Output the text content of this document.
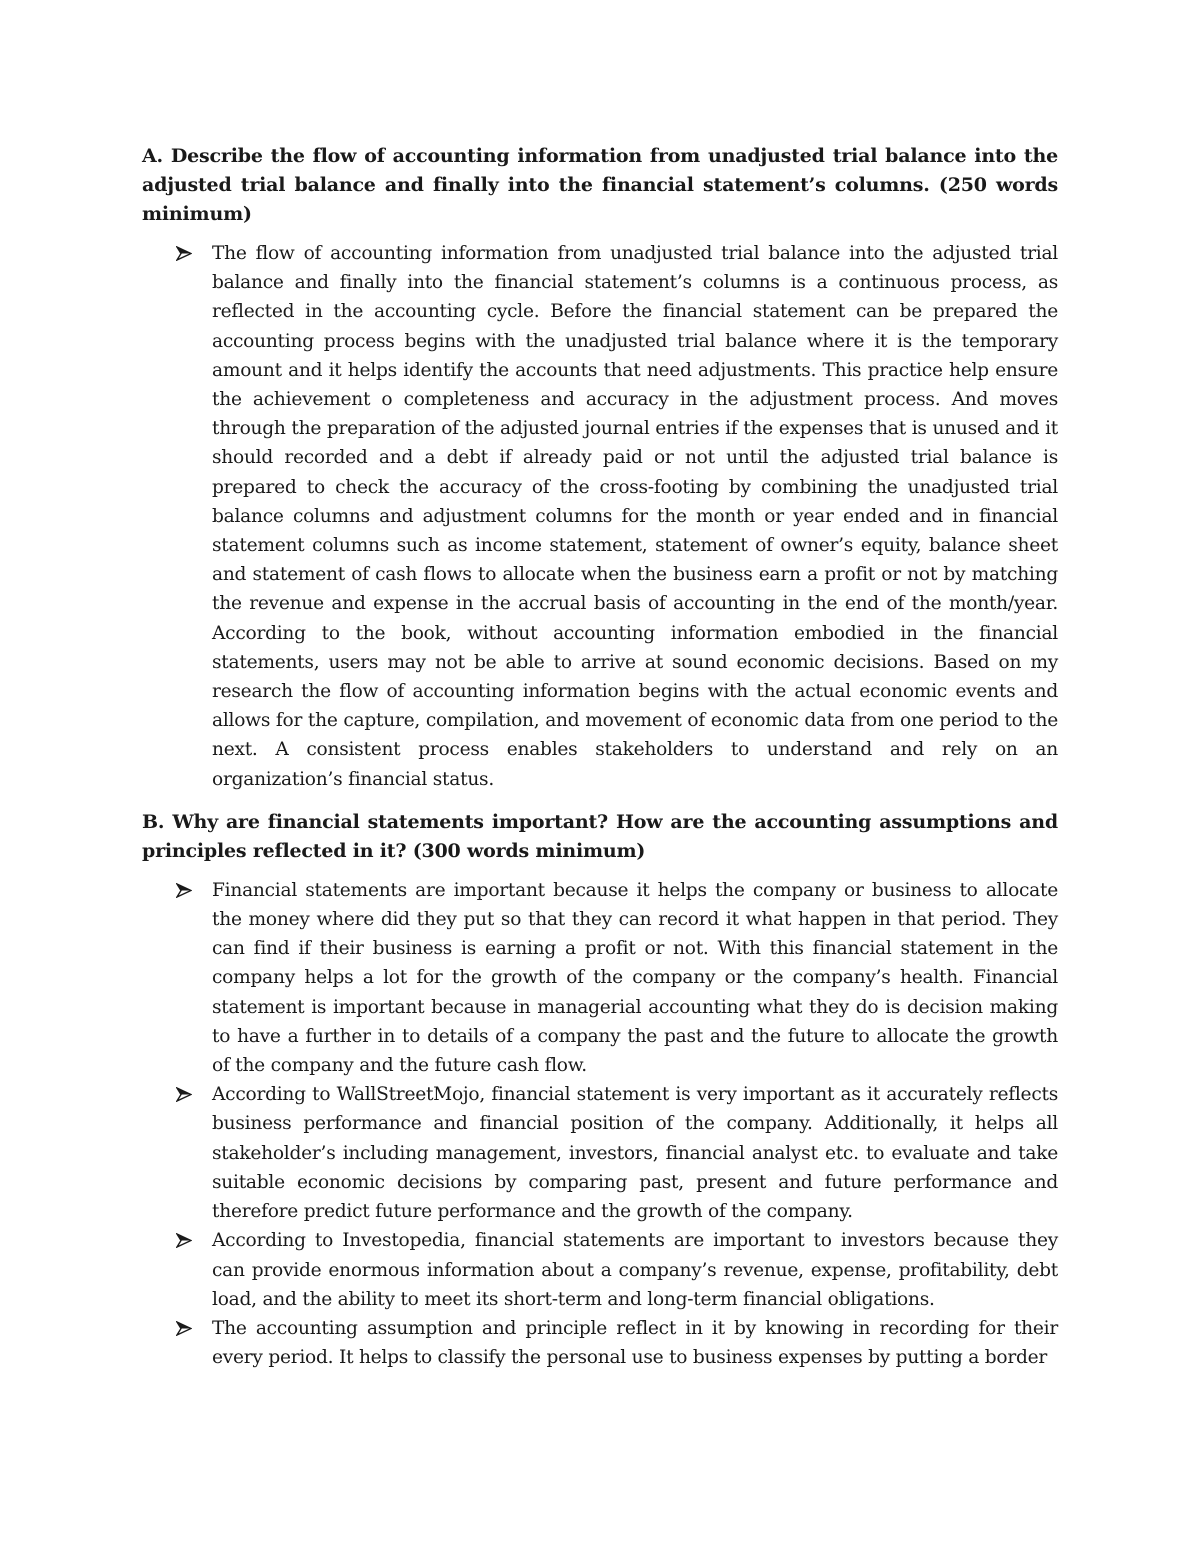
A. Describe the flow of accounting information from unadjusted trial balance into the adjusted trial balance and finally into the financial statement’s columns. (250 words minimum)

The flow of accounting information from unadjusted trial balance into the adjusted trial balance and finally into the financial statement’s columns is a continuous process, as reflected in the accounting cycle. Before the financial statement can be prepared the accounting process begins with the unadjusted trial balance where it is the temporary amount and it helps identify the accounts that need adjustments. This practice help ensure the achievement o completeness and accuracy in the adjustment process. And moves through the preparation of the adjusted journal entries if the expenses that is unused and it should recorded and a debt if already paid or not until the adjusted trial balance is prepared to check the accuracy of the cross-footing by combining the unadjusted trial balance columns and adjustment columns for the month or year ended and in financial statement columns such as income statement, statement of owner’s equity, balance sheet and statement of cash flows to allocate when the business earn a profit or not by matching the revenue and expense in the accrual basis of accounting in the end of the month/year. According to the book, without accounting information embodied in the financial statements, users may not be able to arrive at sound economic decisions. Based on my research the flow of accounting information begins with the actual economic events and allows for the capture, compilation, and movement of economic data from one period to the next. A consistent process enables stakeholders to understand and rely on an organization’s financial status.

B. Why are financial statements important? How are the accounting assumptions and principles reflected in it? (300 words minimum)

Financial statements are important because it helps the company or business to allocate the money where did they put so that they can record it what happen in that period. They can find if their business is earning a profit or not. With this financial statement in the company helps a lot for the growth of the company or the company’s health. Financial statement is important because in managerial accounting what they do is decision making to have a further in to details of a company the past and the future to allocate the growth of the company and the future cash flow.
According to WallStreetMojo, financial statement is very important as it accurately reflects business performance and financial position of the company. Additionally, it helps all stakeholder’s including management, investors, financial analyst etc. to evaluate and take suitable economic decisions by comparing past, present and future performance and therefore predict future performance and the growth of the company.
According to Investopedia, financial statements are important to investors because they can provide enormous information about a company’s revenue, expense, profitability, debt load, and the ability to meet its short-term and long-term financial obligations.
The accounting assumption and principle reflect in it by knowing in recording for their every period. It helps to classify the personal use to business expenses by putting a border
